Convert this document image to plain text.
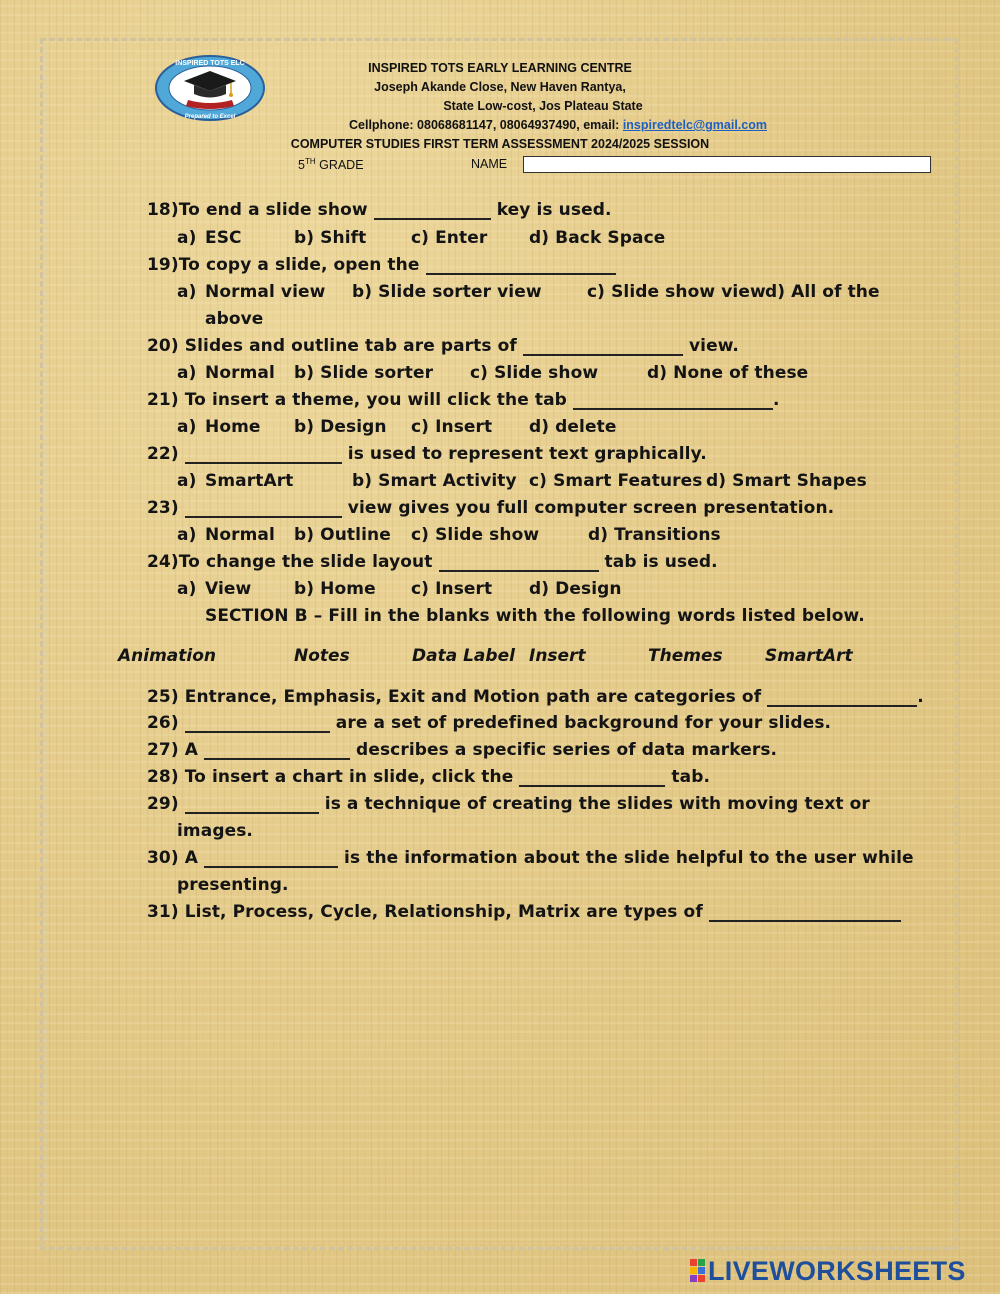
INSPIRED TOTS ELC
Prepared to Excel
INSPIRED TOTS EARLY LEARNING CENTRE
Joseph Akande Close, New Haven Rantya,
State Low-cost, Jos Plateau State
Cellphone: 08068681147, 08064937490, email: inspiredtelc@gmail.com
COMPUTER STUDIES FIRST TERM ASSESSMENT 2024/2025 SESSION
5TH GRADE	NAME
18)To end a slide show	key is used.
a) ESC	b) Shift	c) Enter d) Back Space
19)To copy a slide, open the
a) Normal view b) Slide sorter view	c) Slide show view d) All of the
above
20) Slides and outline tab are parts of	view.
a) Normal b) Slide sorter c) Slide show	d) None of these
21) To insert a theme, you will click the tab	.
a) Home b) Design c) Insert d) delete
22)	is used to represent text graphically.
a) SmartArt	b) Smart Activity c) Smart Features d) Smart Shapes
23)	view gives you full computer screen presentation.
a) Normal b) Outline c) Slide show	d) Transitions
24)To change the slide layout	tab is used.
a) View	b) Home c) Insert d) Design
SECTION B – Fill in the blanks with the following words listed below.
Animation	Notes	Data Label Insert	Themes SmartArt
25) Entrance, Emphasis, Exit and Motion path are categories of	.
26)	are a set of predefined background for your slides.
27) A	describes a specific series of data markers.
28) To insert a chart in slide, click the	tab.
29)	is a technique of creating the slides with moving text or
images.
30) A	is the information about the slide helpful to the user while
presenting.
31) List, Process, Cycle, Relationship, Matrix are types of
LIVEWORKSHEETS
